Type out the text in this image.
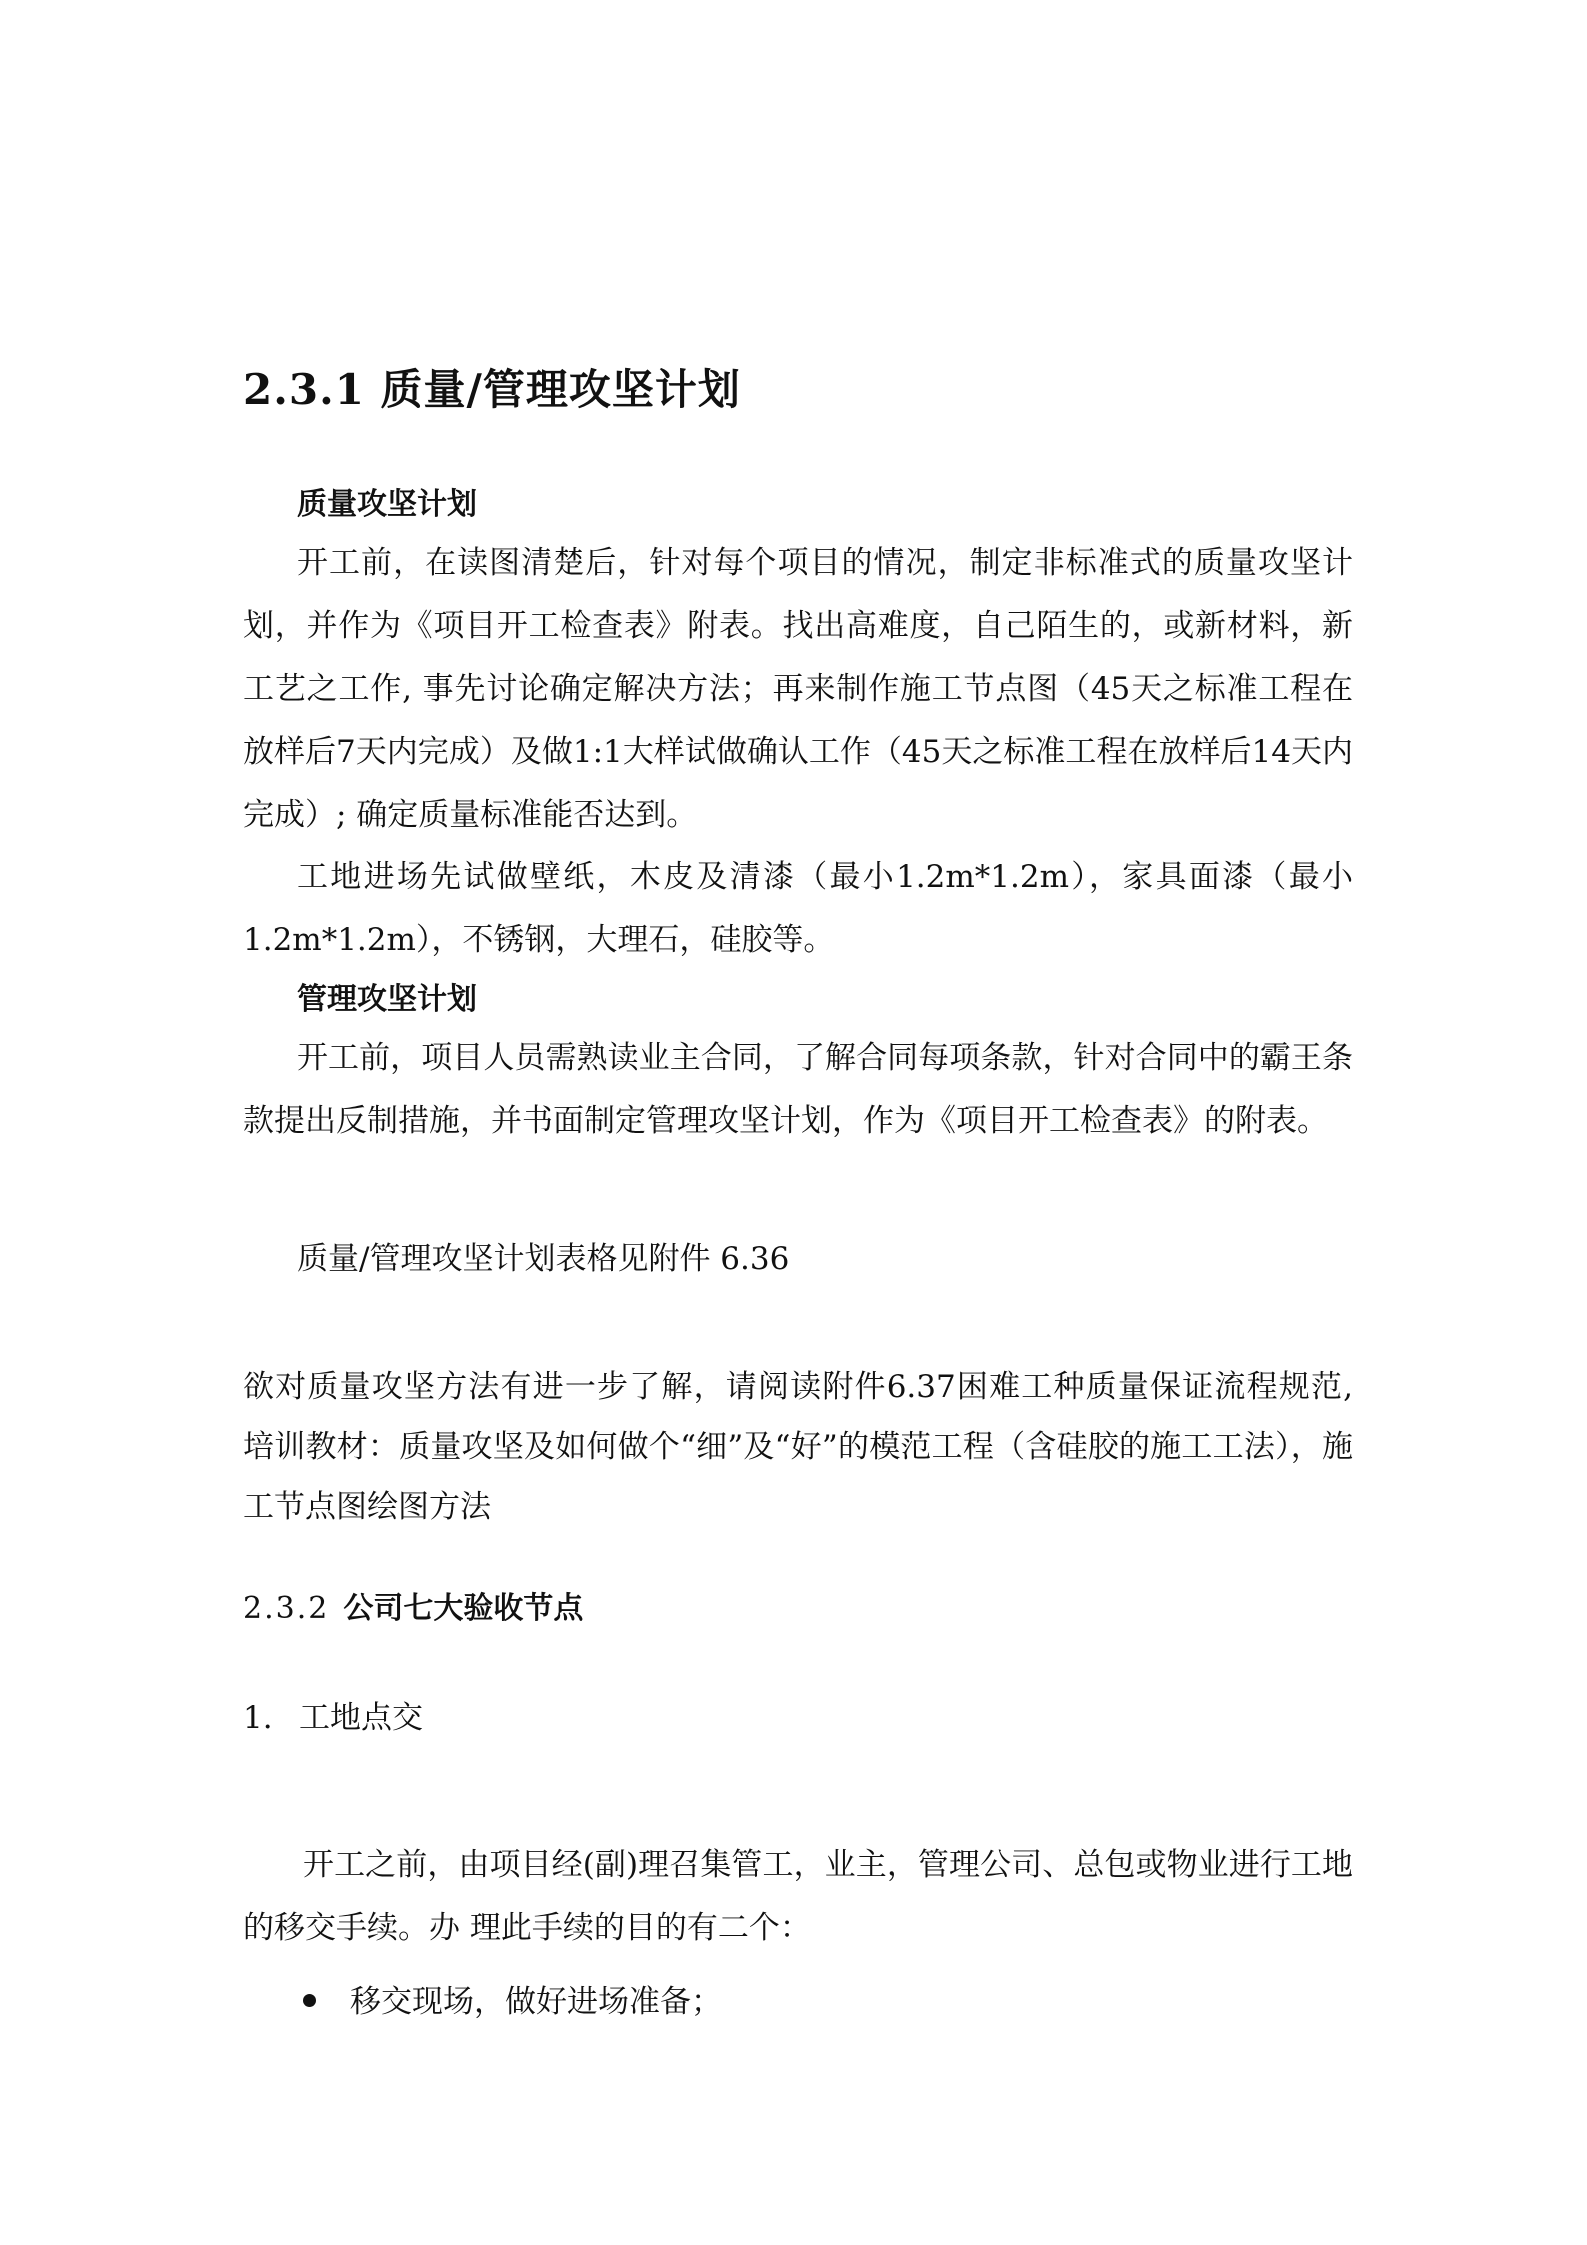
2.3.1 质量/管理攻坚计划
质量攻坚计划

开工前，在读图清楚后，针对每个项目的情况，制定非标准式的质量攻坚计划，并作为《项目开工检查表》附表。找出高难度，自己陌生的，或新材料，新工艺之工作, 事先讨论确定解决方法；再来制作施工节点图（45天之标准工程在放样后7天内完成）及做1:1大样试做确认工作（45天之标准工程在放样后14天内完成）; 确定质量标准能否达到。

工地进场先试做壁纸，木皮及清漆（最小1.2m*1.2m），家具面漆（最小1.2m*1.2m），不锈钢，大理石，硅胶等。

管理攻坚计划

开工前，项目人员需熟读业主合同，了解合同每项条款，针对合同中的霸王条款提出反制措施，并书面制定管理攻坚计划，作为《项目开工检查表》的附表。

质量/管理攻坚计划表格见附件 6.36

欲对质量攻坚方法有进一步了解，请阅读附件6.37困难工种质量保证流程规范, 培训教材：质量攻坚及如何做个“细”及“好”的模范工程（含硅胶的施工工法），施工节点图绘图方法

2.3.2 公司七大验收节点
1. 工地点交

开工之前，由项目经(副)理召集管工，业主，管理公司、总包或物业进行工地的移交手续。办 理此手续的目的有二个：

移交现场，做好进场准备；
